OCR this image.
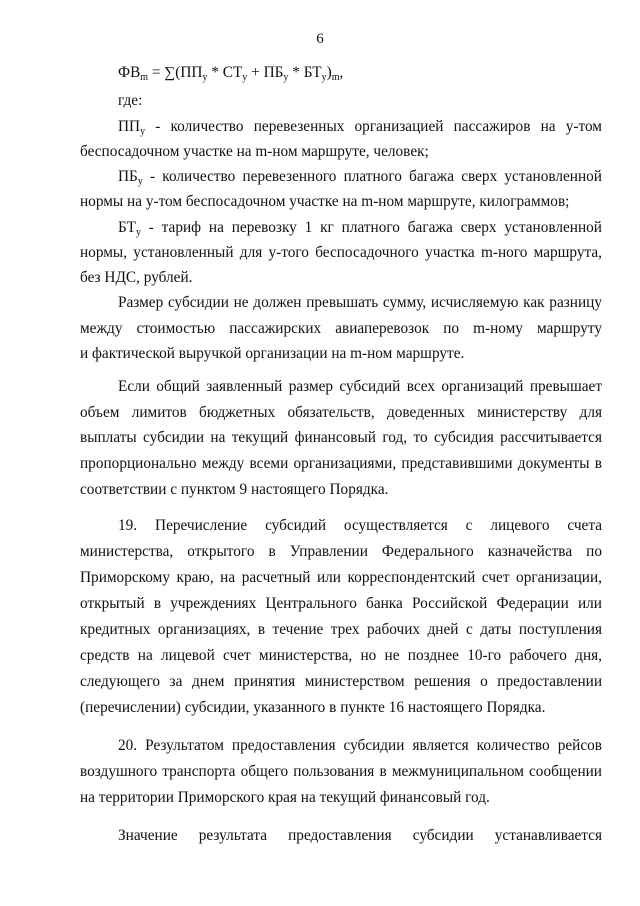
6
$ФВ_m = \sum(ПП_у * СТ_у + ПБ_у * БТ_у)_m$,
где:
$ПП_у$ - количество перевезенных организацией пассажиров на у-том
беспосадочном участке на m-ном маршруте, человек;
$ПБ_у$ - количество перевезенного платного багажа сверх установленной
нормы на у-том беспосадочном участке на m-ном маршруте, килограммов;
$БТ_у$ - тариф на перевозку 1 кг платного багажа сверх установленной
нормы, установленный для у-того беспосадочного участка m-ного маршрута,
без НДС, рублей.
Размер субсидии не должен превышать сумму, исчисляемую как разницу
между стоимостью пассажирских авиаперевозок по m-ному маршруту
и фактической выручкой организации на m-ном маршруте.
Если общий заявленный размер субсидий всех организаций превышает
объем лимитов бюджетных обязательств, доведенных министерству для
выплаты субсидии на текущий финансовый год, то субсидия рассчитывается
пропорционально между всеми организациями, представившими документы в
соответствии с пунктом 9 настоящего Порядка.
19. Перечисление субсидий осуществляется с лицевого счета
министерства, открытого в Управлении Федерального казначейства по
Приморскому краю, на расчетный или корреспондентский счет организации,
открытый в учреждениях Центрального банка Российской Федерации или
кредитных организациях, в течение трех рабочих дней с даты поступления
средств на лицевой счет министерства, но не позднее 10-го рабочего дня,
следующего за днем принятия министерством решения о предоставлении
(перечислении) субсидии, указанного в пункте 16 настоящего Порядка.
20. Результатом предоставления субсидии является количество рейсов
воздушного транспорта общего пользования в межмуниципальном сообщении
на территории Приморского края на текущий финансовый год.
Значение результата предоставления субсидии устанавливается
